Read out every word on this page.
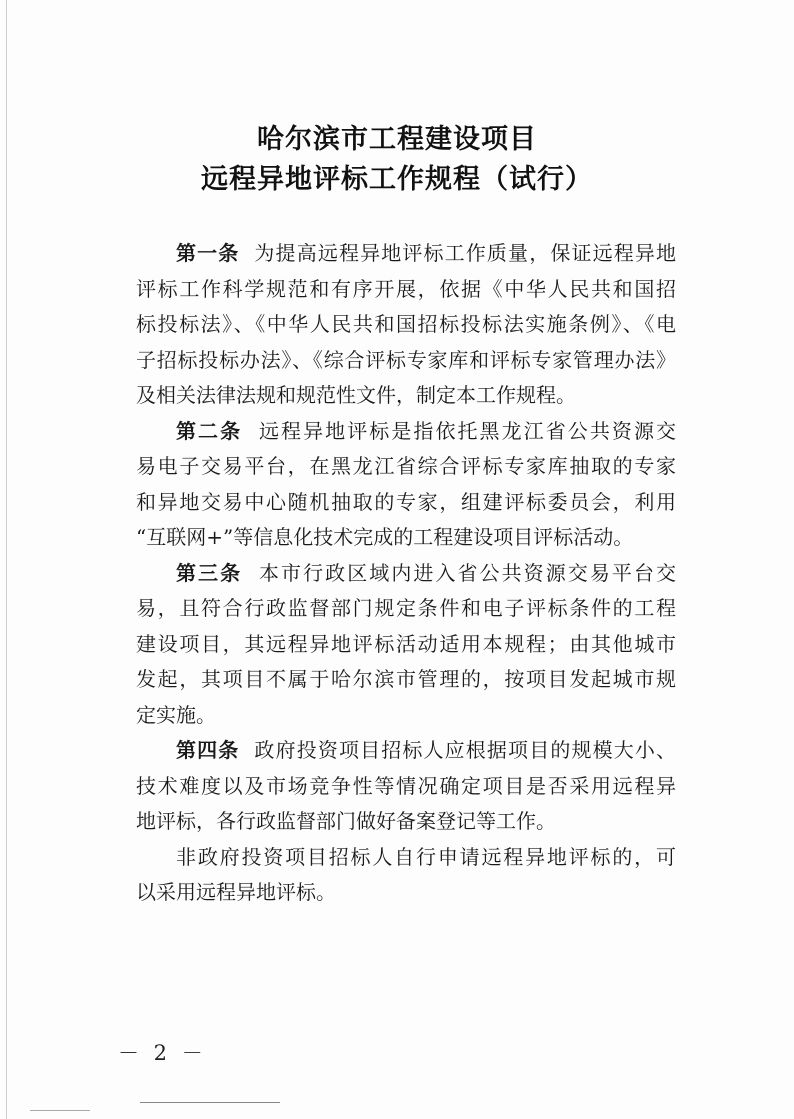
哈尔滨市工程建设项目
远程异地评标工作规程（试行）
第一条 为提高远程异地评标工作质量，保证远程异地
评标工作科学规范和有序开展，依据《中华人民共和国招
标投标法》、《中华人民共和国招标投标法实施条例》、《电
子招标投标办法》、《综合评标专家库和评标专家管理办法》
及相关法律法规和规范性文件，制定本工作规程。
第二条 远程异地评标是指依托黑龙江省公共资源交
易电子交易平台，在黑龙江省综合评标专家库抽取的专家
和异地交易中心随机抽取的专家，组建评标委员会，利用
“互联网+”等信息化技术完成的工程建设项目评标活动。
第三条 本市行政区域内进入省公共资源交易平台交
易，且符合行政监督部门规定条件和电子评标条件的工程
建设项目，其远程异地评标活动适用本规程；由其他城市
发起，其项目不属于哈尔滨市管理的，按项目发起城市规
定实施。
第四条 政府投资项目招标人应根据项目的规模大小、
技术难度以及市场竞争性等情况确定项目是否采用远程异
地评标，各行政监督部门做好备案登记等工作。
非政府投资项目招标人自行申请远程异地评标的，可
以采用远程异地评标。
－ 2 －
